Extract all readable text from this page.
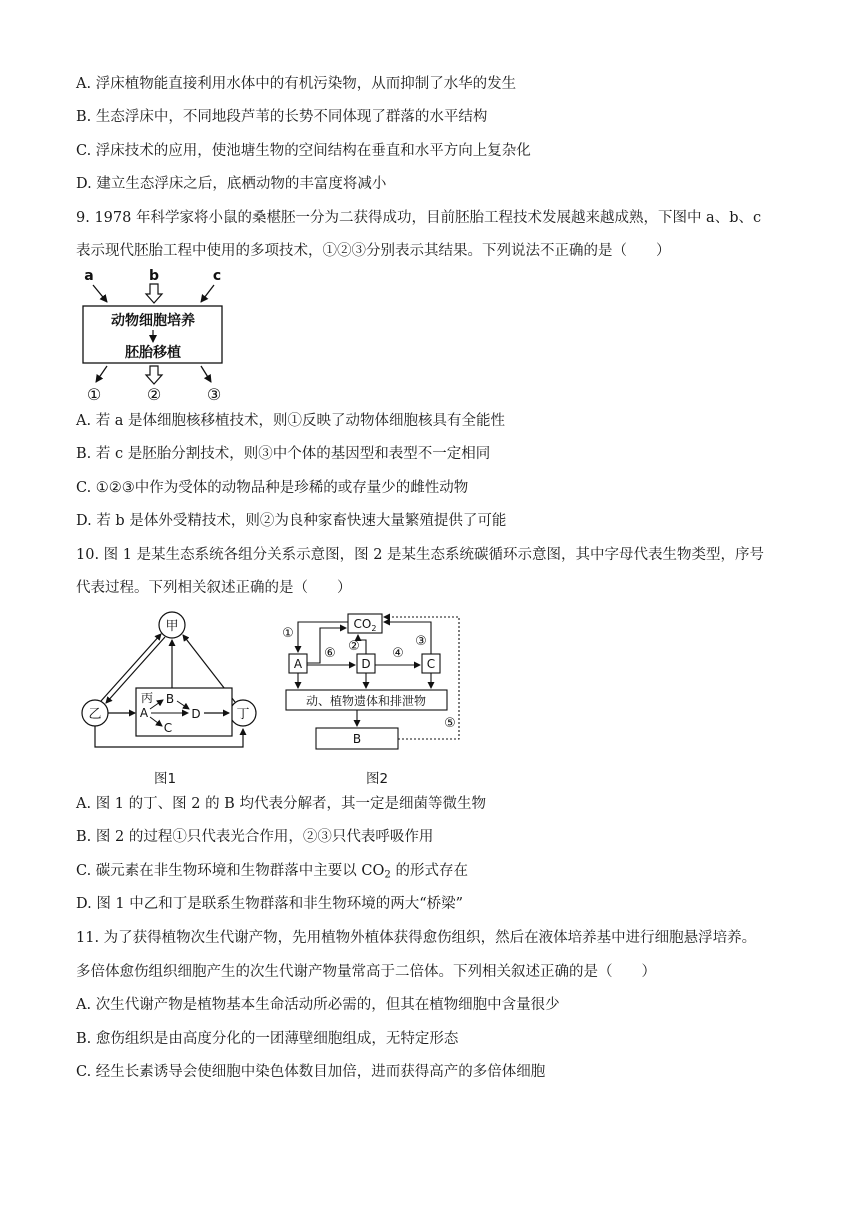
A. 浮床植物能直接利用水体中的有机污染物，从而抑制了水华的发生
B. 生态浮床中，不同地段芦苇的长势不同体现了群落的水平结构
C. 浮床技术的应用，使池塘生物的空间结构在垂直和水平方向上复杂化
D. 建立生态浮床之后，底栖动物的丰富度将减小
9. 1978 年科学家将小鼠的桑椹胚一分为二获得成功，目前胚胎工程技术发展越来越成熟，下图中 a、b、c
表示现代胚胎工程中使用的多项技术，①②③分别表示其结果。下列说法不正确的是（　　）
a	b	c
动物细胞培养
胚胎移植
①	②	③
A. 若 a 是体细胞核移植技术，则①反映了动物体细胞核具有全能性
B. 若 c 是胚胎分割技术，则③中个体的基因型和表型不一定相同
C. ①②③中作为受体的动物品种是珍稀的或存量少的雌性动物
D. 若 b 是体外受精技术，则②为良种家畜快速大量繁殖提供了可能
10. 图 1 是某生态系统各组分关系示意图，图 2 是某生态系统碳循环示意图，其中字母代表生物类型，序号
代表过程。下列相关叙述正确的是（　　）
甲
乙	丁
丙
A
B
C
D
图1
$CO_2$
A	D	C
①
⑥ ② ④
③
动、植物遗体和排泄物
B
⑤
图2
A. 图 1 的丁、图 2 的 B 均代表分解者，其一定是细菌等微生物
B. 图 2 的过程①只代表光合作用，②③只代表呼吸作用
C. 碳元素在非生物环境和生物群落中主要以 $CO_2$ 的形式存在
D. 图 1 中乙和丁是联系生物群落和非生物环境的两大“桥梁”
11. 为了获得植物次生代谢产物，先用植物外植体获得愈伤组织，然后在液体培养基中进行细胞悬浮培养。
多倍体愈伤组织细胞产生的次生代谢产物量常高于二倍体。下列相关叙述正确的是（　　）
A. 次生代谢产物是植物基本生命活动所必需的，但其在植物细胞中含量很少
B. 愈伤组织是由高度分化的一团薄壁细胞组成，无特定形态
C. 经生长素诱导会使细胞中染色体数目加倍，进而获得高产的多倍体细胞
